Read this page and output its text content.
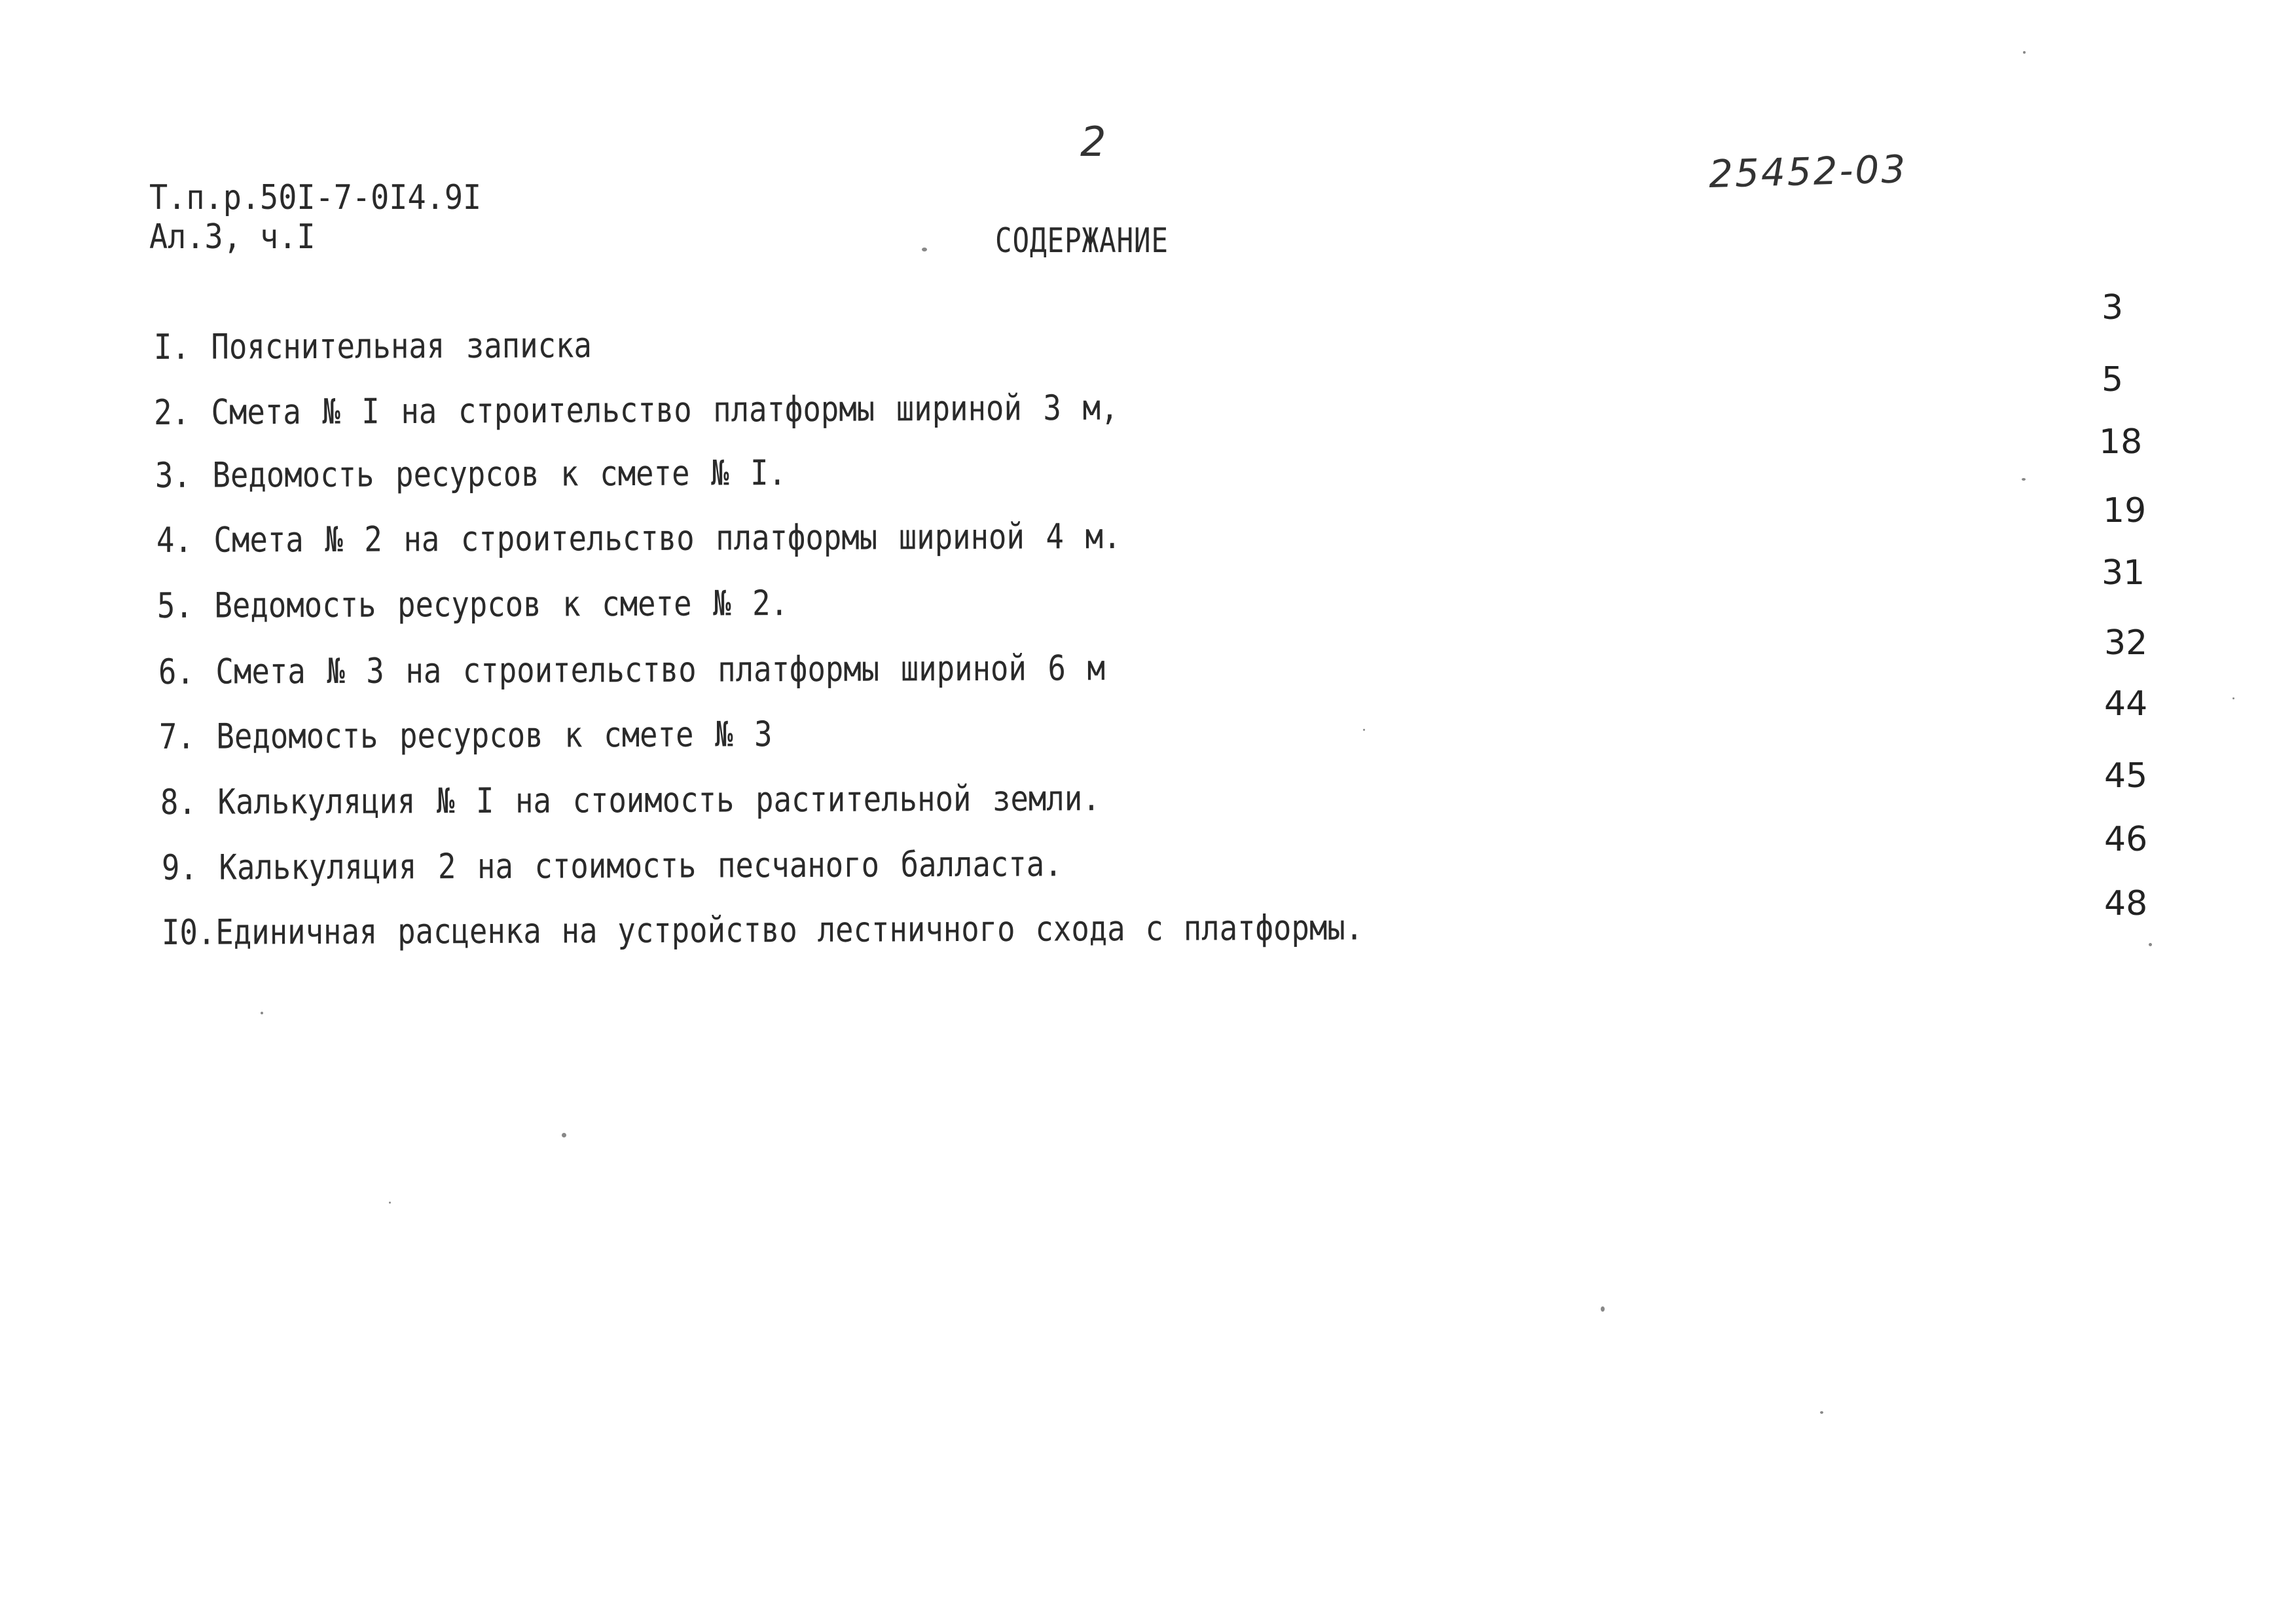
2
25452-03
Т.п.р.50I-7-0I4.9I
Ал.3, ч.I	СОДЕРЖАНИЕ
I. Пояснительная записка
2. Смета № I на строительство платформы шириной 3 м,
3. Ведомость ресурсов к смете № I.
4. Смета № 2 на строительство платформы шириной 4 м.
5. Ведомость ресурсов к смете № 2.
6. Смета № 3 на строительство платформы шириной 6 м
7. Ведомость ресурсов к смете № 3
8. Калькуляция № I на стоимость растительной земли.
9. Калькуляция 2 на стоимость песчаного балласта.
I0.Единичная расценка на устройство лестничного схода с платформы.
3
5
18
19
31
32
44
45
46
48
